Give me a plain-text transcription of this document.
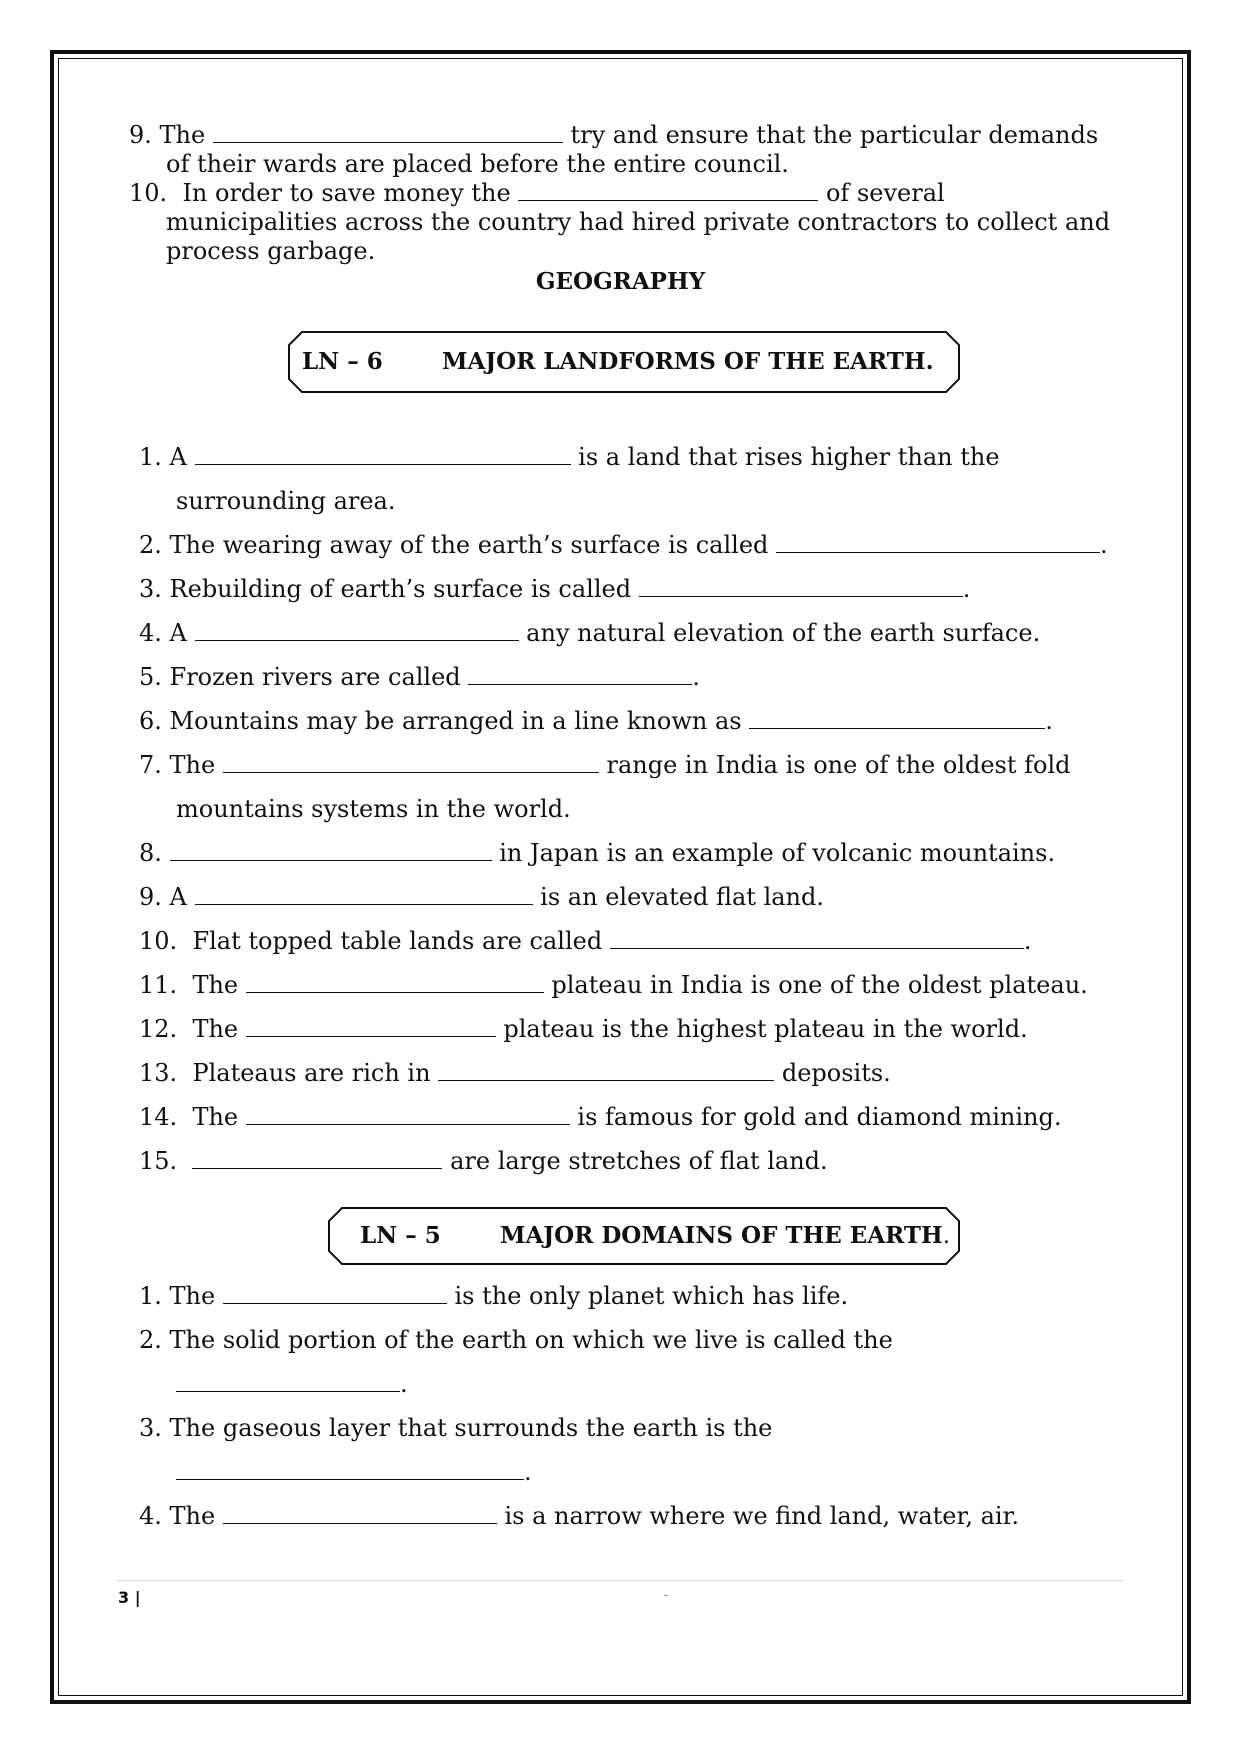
9. The	try and ensure that the particular demands
of their wards are placed before the entire council.
10. In order to save money the	of several
municipalities across the country had hired private contractors to collect and
process garbage.
GEOGRAPHY
LN – 6	MAJOR LANDFORMS OF THE EARTH.
1. A	is a land that rises higher than the
surrounding area.
2. The wearing away of the earth’s surface is called	.
3. Rebuilding of earth’s surface is called	.
4. A	any natural elevation of the earth surface.
5. Frozen rivers are called	.
6. Mountains may be arranged in a line known as	.
7. The	range in India is one of the oldest fold
mountains systems in the world.
8.	in Japan is an example of volcanic mountains.
9. A	is an elevated flat land.
10. Flat topped table lands are called	.
11. The	plateau in India is one of the oldest plateau.
12. The	plateau is the highest plateau in the world.
13. Plateaus are rich in	deposits.
14. The	is famous for gold and diamond mining.
15.	are large stretches of flat land.
LN – 5	MAJOR DOMAINS OF THE EARTH.
1. The	is the only planet which has life.
2. The solid portion of the earth on which we live is called the
.
3. The gaseous layer that surrounds the earth is the
.
4. The	is a narrow where we find land, water, air.
3 |	-
